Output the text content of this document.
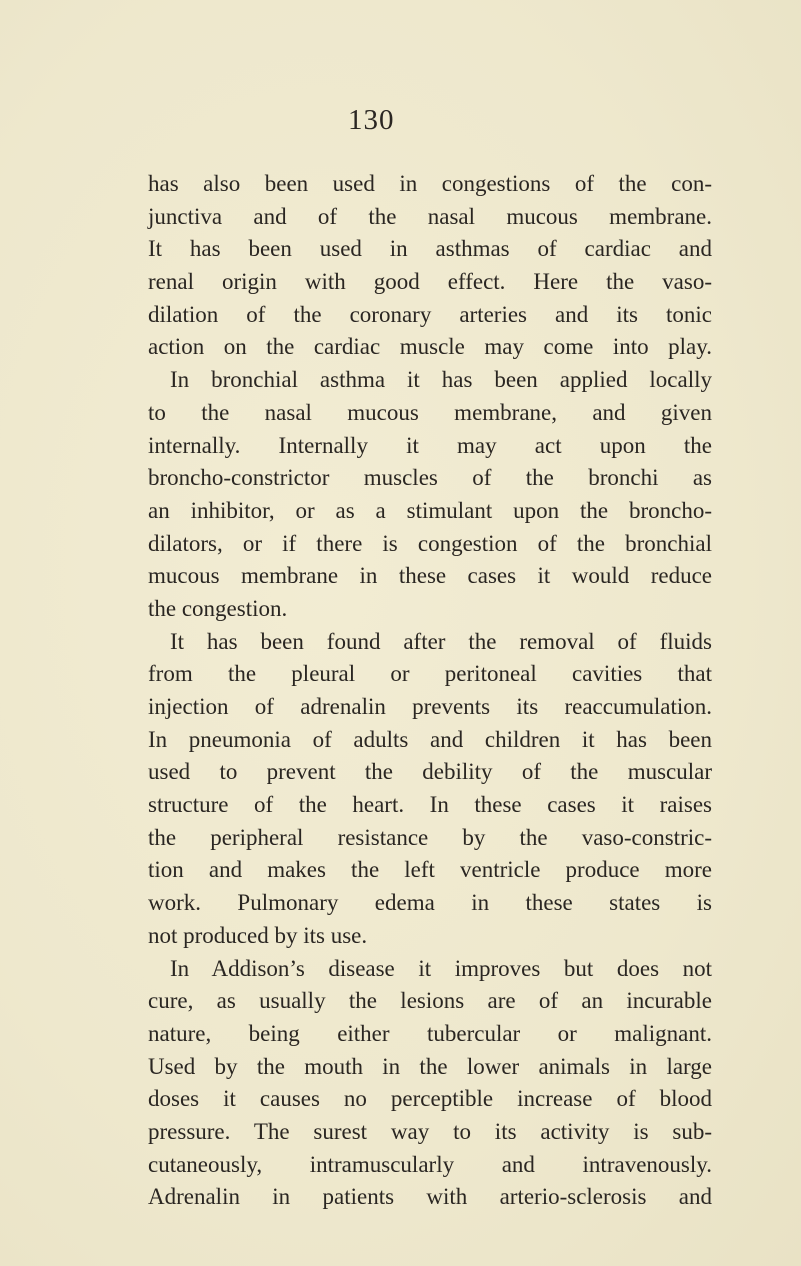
130
has also been used in congestions of the con-
junctiva and of the nasal mucous membrane.
It has been used in asthmas of cardiac and
renal origin with good effect. Here the vaso-
dilation of the coronary arteries and its tonic
action on the cardiac muscle may come into play.
In bronchial asthma it has been applied locally
to the nasal mucous membrane, and given
internally. Internally it may act upon the
broncho-constrictor muscles of the bronchi as
an inhibitor, or as a stimulant upon the broncho-
dilators, or if there is congestion of the bronchial
mucous membrane in these cases it would reduce
the congestion.
It has been found after the removal of fluids
from the pleural or peritoneal cavities that
injection of adrenalin prevents its reaccumulation.
In pneumonia of adults and children it has been
used to prevent the debility of the muscular
structure of the heart. In these cases it raises
the peripheral resistance by the vaso-constric-
tion and makes the left ventricle produce more
work. Pulmonary edema in these states is
not produced by its use.
In Addison’s disease it improves but does not
cure, as usually the lesions are of an incurable
nature, being either tubercular or malignant.
Used by the mouth in the lower animals in large
doses it causes no perceptible increase of blood
pressure. The surest way to its activity is sub-
cutaneously, intramuscularly and intravenously.
Adrenalin in patients with arterio-sclerosis and
